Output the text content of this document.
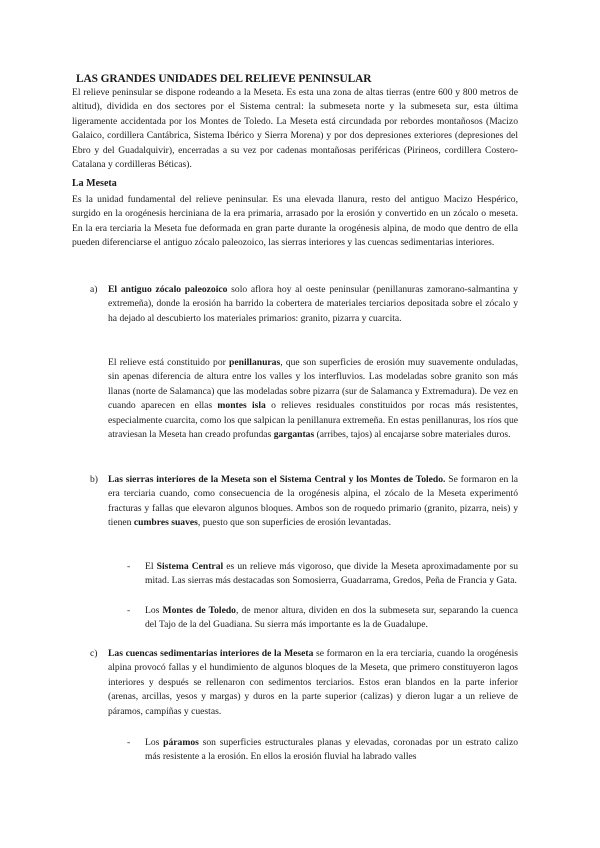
LAS GRANDES UNIDADES DEL RELIEVE PENINSULAR

El relieve peninsular se dispone rodeando a la Meseta. Es esta una zona de altas tierras (entre 600 y 800 metros de altitud), dividida en dos sectores por el Sistema central: la submeseta norte y la submeseta sur, esta última ligeramente accidentada por los Montes de Toledo. La Meseta está circundada por rebordes montañosos (Macizo Galaico, cordillera Cantábrica, Sistema Ibérico y Sierra Morena) y por dos depresiones exteriores (depresiones del Ebro y del Guadalquivir), encerradas a su vez por cadenas montañosas periféricas (Pirineos, cordillera Costero-Catalana y cordilleras Béticas).

La Meseta

Es la unidad fundamental del relieve peninsular. Es una elevada llanura, resto del antiguo Macizo Hespérico, surgido en la orogénesis herciniana de la era primaria, arrasado por la erosión y convertido en un zócalo o meseta. En la era terciaria la Meseta fue deformada en gran parte durante la orogénesis alpina, de modo que dentro de ella pueden diferenciarse el antiguo zócalo paleozoico, las sierras interiores y las cuencas sedimentarias interiores.

a) El antiguo zócalo paleozoico solo aflora hoy al oeste peninsular (penillanuras zamorano-salmantina y extremeña), donde la erosión ha barrido la cobertera de materiales terciarios depositada sobre el zócalo y ha dejado al descubierto los materiales primarios: granito, pizarra y cuarcita.

El relieve está constituido por penillanuras, que son superficies de erosión muy suavemente onduladas, sin apenas diferencia de altura entre los valles y los interfluvios. Las modeladas sobre granito son más llanas (norte de Salamanca) que las modeladas sobre pizarra (sur de Salamanca y Extremadura). De vez en cuando aparecen en ellas montes isla o relieves residuales constituidos por rocas más resistentes, especialmente cuarcita, como los que salpican la penillanura extremeña. En estas penillanuras, los ríos que atraviesan la Meseta han creado profundas gargantas (arribes, tajos) al encajarse sobre materiales duros.

b) Las sierras interiores de la Meseta son el Sistema Central y los Montes de Toledo. Se formaron en la era terciaria cuando, como consecuencia de la orogénesis alpina, el zócalo de la Meseta experimentó fracturas y fallas que elevaron algunos bloques. Ambos son de roquedo primario (granito, pizarra, neis) y tienen cumbres suaves, puesto que son superficies de erosión levantadas.

- El Sistema Central es un relieve más vigoroso, que divide la Meseta aproximadamente por su mitad. Las sierras más destacadas son Somosierra, Guadarrama, Gredos, Peña de Francia y Gata.

- Los Montes de Toledo, de menor altura, dividen en dos la submeseta sur, separando la cuenca del Tajo de la del Guadiana. Su sierra más importante es la de Guadalupe.

c) Las cuencas sedimentarias interiores de la Meseta se formaron en la era terciaria, cuando la orogénesis alpina provocó fallas y el hundimiento de algunos bloques de la Meseta, que primero constituyeron lagos interiores y después se rellenaron con sedimentos terciarios. Estos eran blandos en la parte inferior (arenas, arcillas, yesos y margas) y duros en la parte superior (calizas) y dieron lugar a un relieve de páramos, campiñas y cuestas.

- Los páramos son superficies estructurales planas y elevadas, coronadas por un estrato calizo más resistente a la erosión. En ellos la erosión fluvial ha labrado valles
